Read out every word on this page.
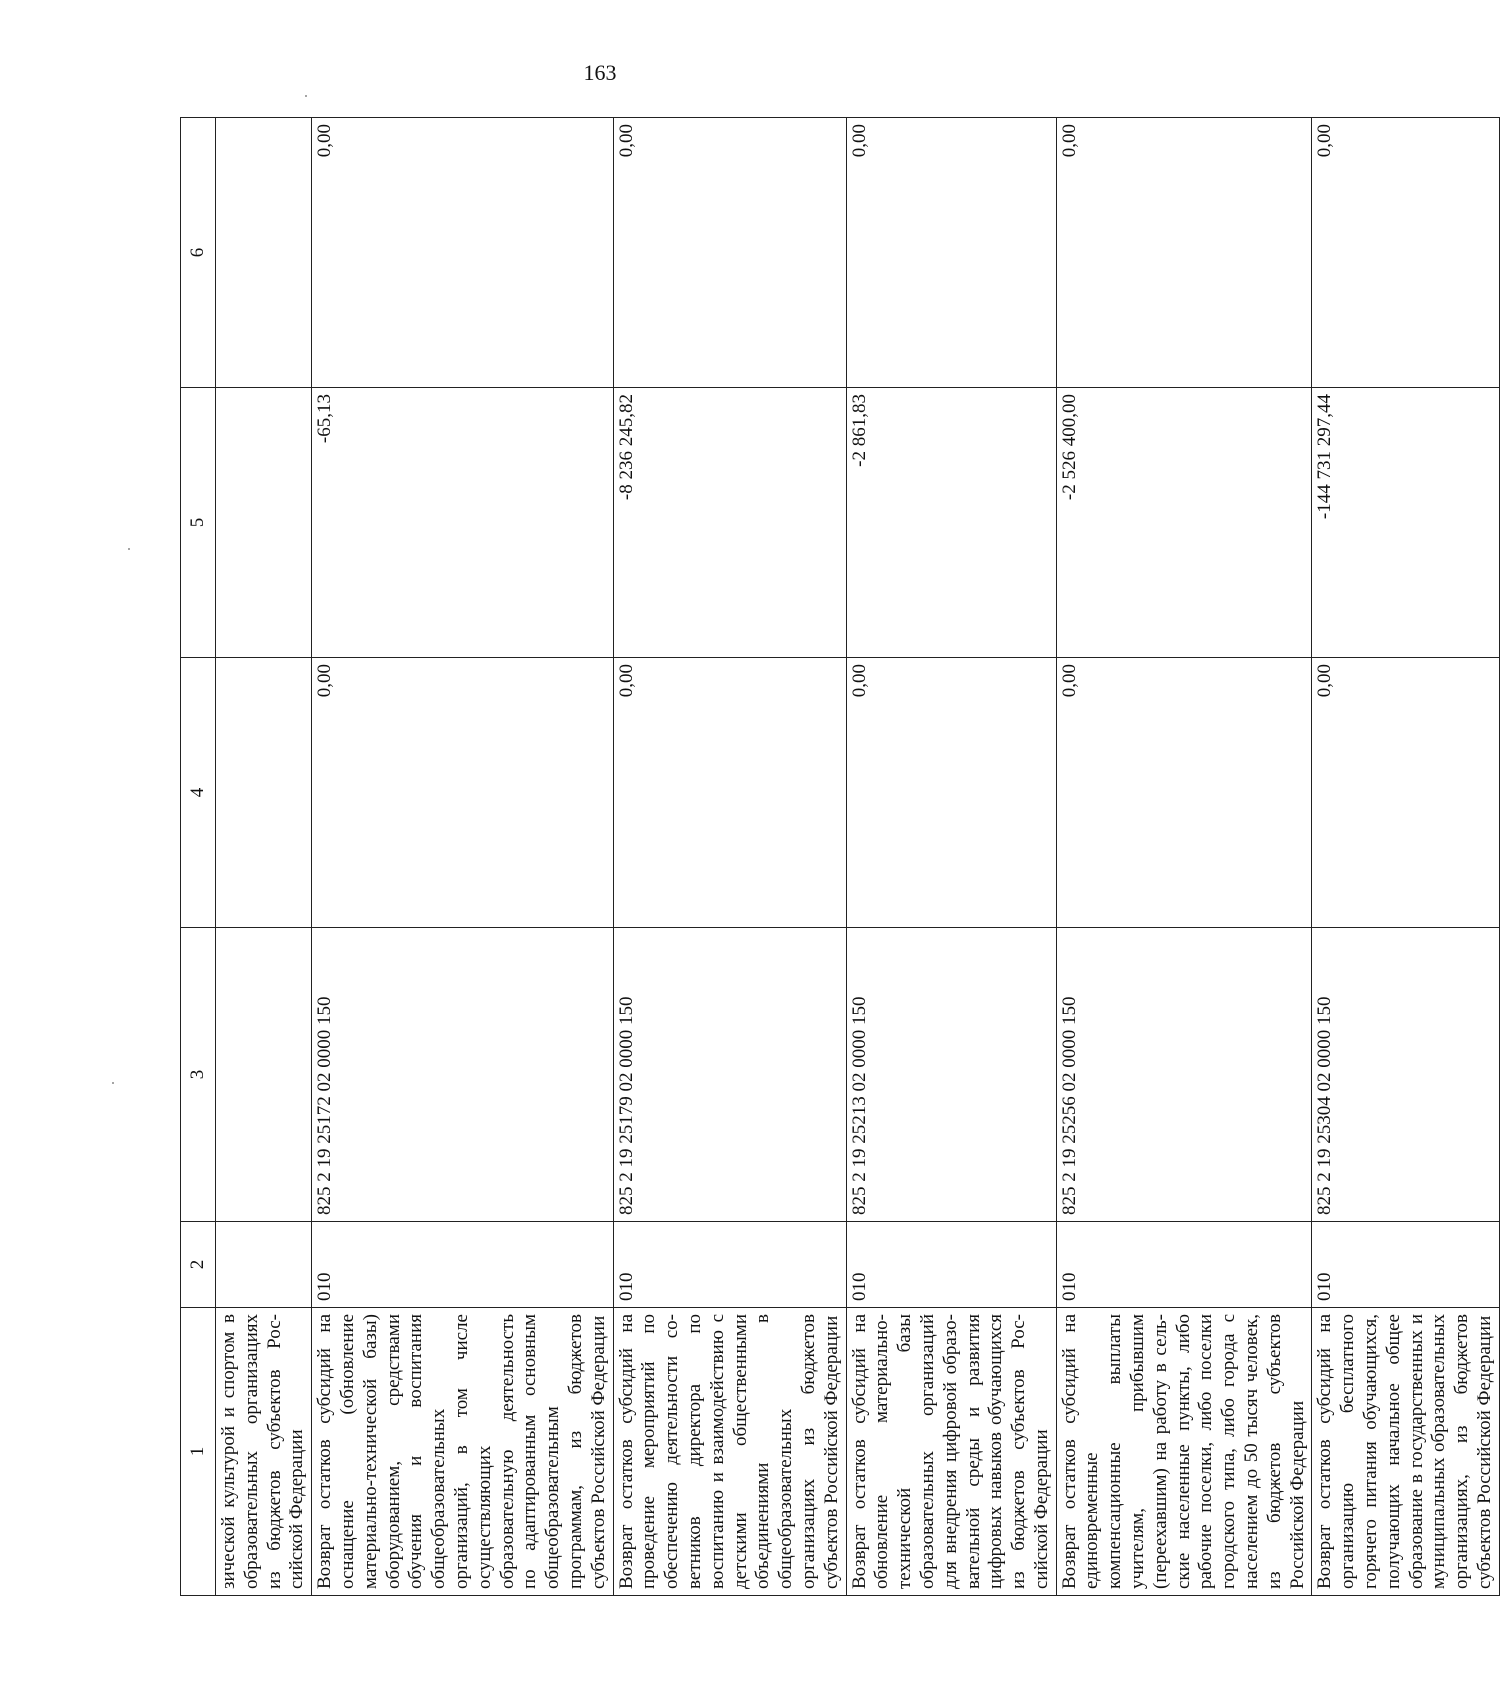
163
1	2	3	4	5	6
зической культурой и спортом в образовательных организациях из бюджетов субъектов Российской Федерации					
Возврат остатков субсидий на оснащение (обновление материально-технической базы) оборудованием, средствами обучения и воспитания общеобразовательных организаций, в том числе осуществляющих образовательную деятельность по адаптированным основным общеобразовательным программам, из бюджетов субъектов Российской Федерации	010	825 2 19 25172 02 0000 150	0,00	-65,13	0,00
Возврат остатков субсидий на проведение мероприятий по обеспечению деятельности советников директора по воспитанию и взаимодействию с детскими общественными объединениями в общеобразовательных организациях из бюджетов субъектов Российской Федерации	010	825 2 19 25179 02 0000 150	0,00	-8 236 245,82	0,00
Возврат остатков субсидий на обновление материально-технической базы образовательных организаций для внедрения цифровой образовательной среды и развития цифровых навыков обучающихся из бюджетов субъектов Российской Федерации	010	825 2 19 25213 02 0000 150	0,00	-2 861,83	0,00
Возврат остатков субсидий на единовременные компенсационные выплаты учителям, прибывшим (переехавшим) на работу в сельские населенные пункты, либо рабочие поселки, либо поселки городского типа, либо города с населением до 50 тысяч человек, из бюджетов субъектов Российской Федерации	010	825 2 19 25256 02 0000 150	0,00	-2 526 400,00	0,00
Возврат остатков субсидий на организацию бесплатного горячего питания обучающихся, получающих начальное общее образование в государственных и муниципальных образовательных организациях, из бюджетов субъектов Российской Федерации	010	825 2 19 25304 02 0000 150	0,00	-144 731 297,44	0,00
